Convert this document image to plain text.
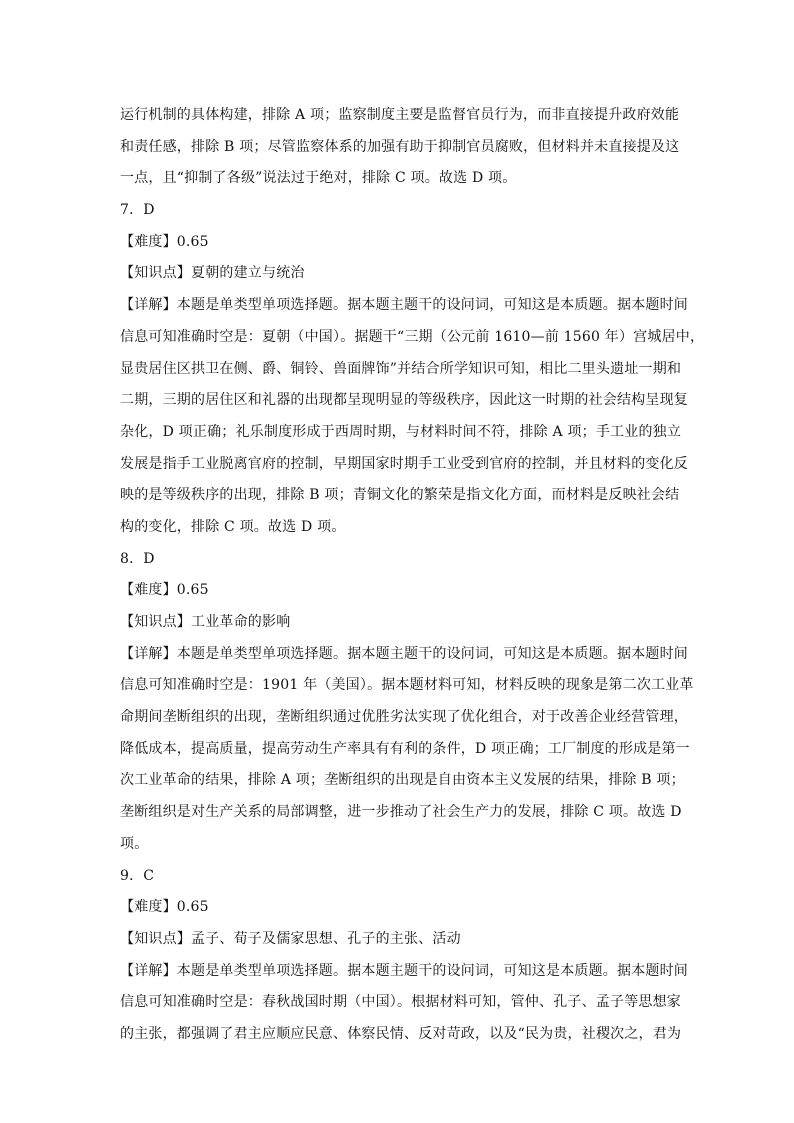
运行机制的具体构建，排除 A 项；监察制度主要是监督官员行为，而非直接提升政府效能
和责任感，排除 B 项；尽管监察体系的加强有助于抑制官员腐败，但材料并未直接提及这
一点，且“抑制了各级”说法过于绝对，排除 C 项。故选 D 项。
7．D
【难度】0.65
【知识点】夏朝的建立与统治
【详解】本题是单类型单项选择题。据本题主题干的设问词，可知这是本质题。据本题时间
信息可知准确时空是：夏朝（中国）。据题干“三期（公元前 1610—前 1560 年）宫城居中，
显贵居住区拱卫在侧、爵、铜铃、兽面牌饰”并结合所学知识可知，相比二里头遗址一期和
二期，三期的居住区和礼器的出现都呈现明显的等级秩序，因此这一时期的社会结构呈现复
杂化，D 项正确；礼乐制度形成于西周时期，与材料时间不符，排除 A 项；手工业的独立
发展是指手工业脱离官府的控制，早期国家时期手工业受到官府的控制，并且材料的变化反
映的是等级秩序的出现，排除 B 项；青铜文化的繁荣是指文化方面，而材料是反映社会结
构的变化，排除 C 项。故选 D 项。
8．D
【难度】0.65
【知识点】工业革命的影响
【详解】本题是单类型单项选择题。据本题主题干的设问词，可知这是本质题。据本题时间
信息可知准确时空是：1901 年（美国）。据本题材料可知，材料反映的现象是第二次工业革
命期间垄断组织的出现，垄断组织通过优胜劣汰实现了优化组合，对于改善企业经营管理，
降低成本，提高质量，提高劳动生产率具有有利的条件，D 项正确；工厂制度的形成是第一
次工业革命的结果，排除 A 项；垄断组织的出现是自由资本主义发展的结果，排除 B 项；
垄断组织是对生产关系的局部调整，进一步推动了社会生产力的发展，排除 C 项。故选 D
项。
9．C
【难度】0.65
【知识点】孟子、荀子及儒家思想、孔子的主张、活动
【详解】本题是单类型单项选择题。据本题主题干的设问词，可知这是本质题。据本题时间
信息可知准确时空是：春秋战国时期（中国）。根据材料可知，管仲、孔子、孟子等思想家
的主张，都强调了君主应顺应民意、体察民情、反对苛政，以及“民为贵，社稷次之，君为
